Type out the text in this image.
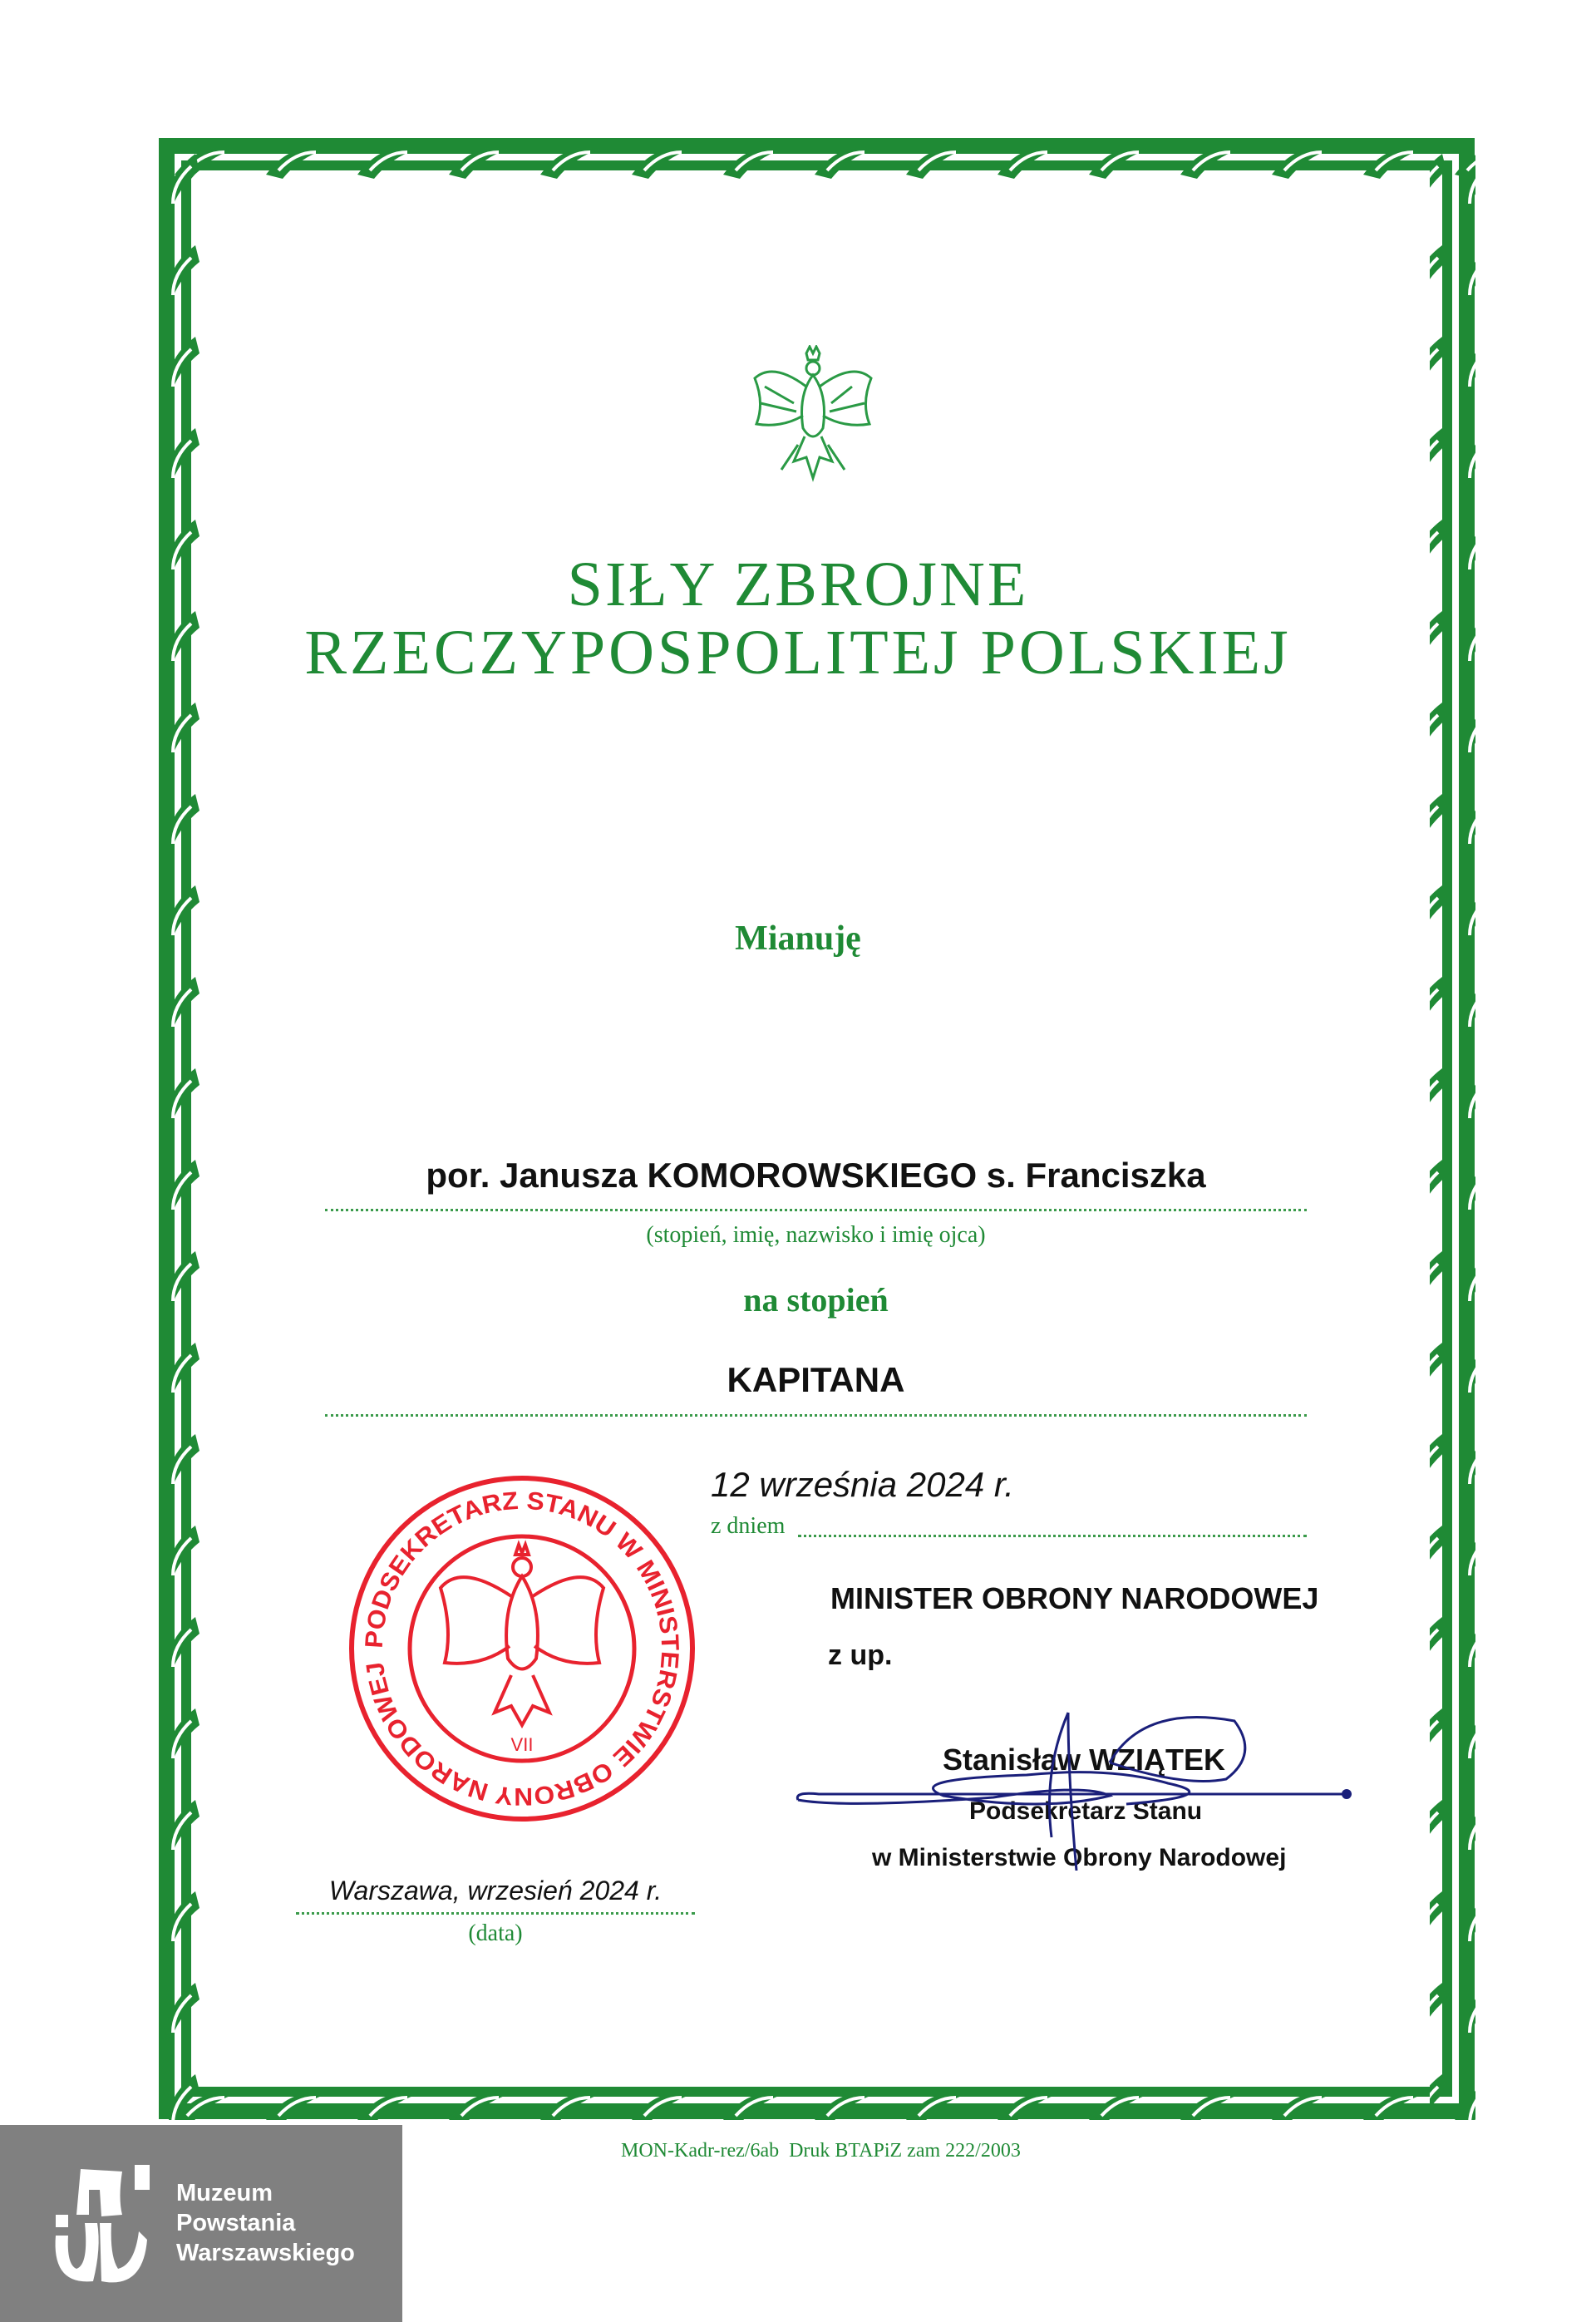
SIŁY ZBROJNE
RZECZYPOSPOLITEJ POLSKIEJ
Mianuję
por. Janusza KOMOROWSKIEGO s. Franciszka
(stopień, imię, nazwisko i imię ojca)
na stopień
KAPITANA
12 września 2024 r.
z dniem
PODSEKRETARZ STANU W MINISTERSTWIE OBRONY NARODOWEJ
VII
MINISTER OBRONY NARODOWEJ
z up.
Stanisław WZIĄTEK
Podsekretarz Stanu
w Ministerstwie Obrony Narodowej
Warszawa, wrzesień 2024 r.
(data)
MON-Kadr-rez/6ab  Druk BTAPiZ zam 222/2003
Muzeum
Powstania
Warszawskiego
